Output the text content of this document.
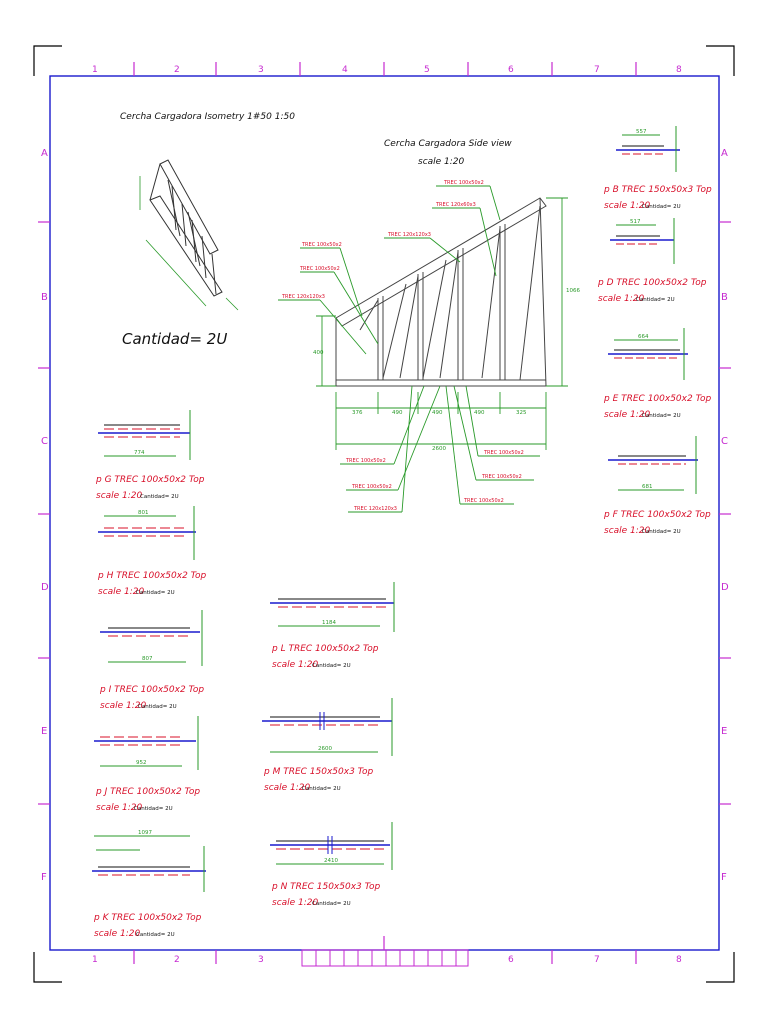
1	2	3	4	5	6	7	8
1	2	3	6	7	8
A
B
C
D
E
F
A
B
C
D
E
F
Cercha Cargadora Isometry 1#50 1:50
Cercha Cargadora Side view
scale 1:20
Cantidad= 2U
376	490	490	490	325
2600
400
1066
TREC 100x50x2
TREC 100x50x2
TREC 120x120x3
TREC 120x120x3
TREC 100x50x2
TREC 120x60x3
TREC 100x50x2
TREC 100x50x2
TREC 120x120x3
TREC 100x50x2
TREC 100x50x2
TREC 100x50x2
774
801
807
952
1097
1184
2600
2410
557
517
664
681
p G TREC 100x50x2 Top
p H TREC 100x50x2 Top
p I TREC 100x50x2 Top
p J TREC 100x50x2 Top
p K TREC 100x50x2 Top
p L TREC 100x50x2 Top
p M TREC 150x50x3 Top
p N TREC 150x50x3 Top
p B TREC 150x50x3 Top
p D TREC 100x50x2 Top
p E TREC 100x50x2 Top
p F TREC 100x50x2 Top
scale 1:20
scale 1:20
scale 1:20
scale 1:20
scale 1:20
scale 1:20
scale 1:20
scale 1:20
scale 1:20
scale 1:20
scale 1:20
scale 1:20
Cantidad= 2U
Cantidad= 2U
Cantidad= 2U
Cantidad= 2U
Cantidad= 2U
Cantidad= 2U
Cantidad= 2U
Cantidad= 2U
Cantidad= 2U
Cantidad= 2U
Cantidad= 2U
Cantidad= 2U
